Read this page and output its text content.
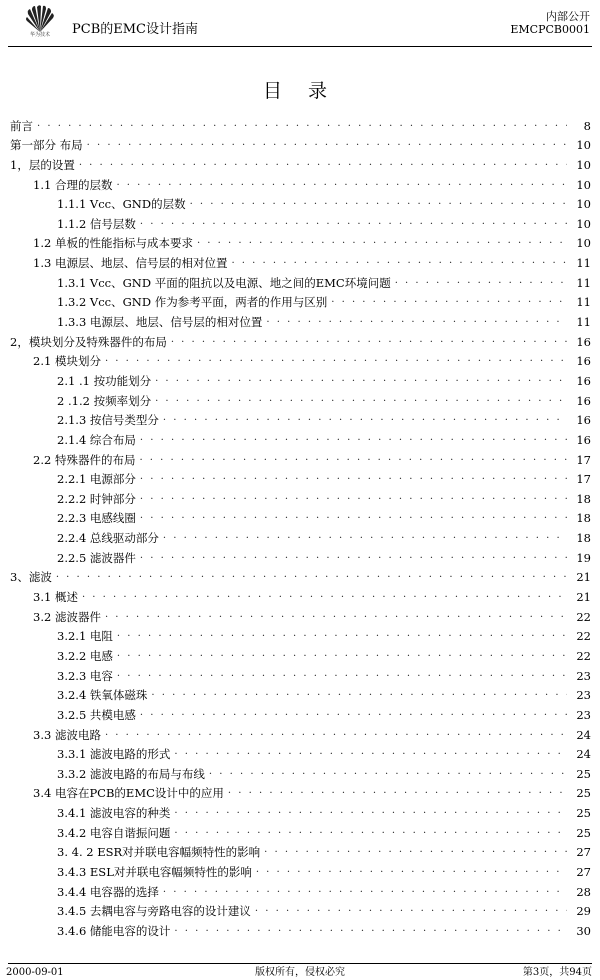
华为技术	PCB的EMC设计指南
内部公开
EMCPCB0001
目 录
前言 . . .	8
第一部分 布局 . . .	10
1，层的设置 . . .	10
1.1 合理的层数 . . .	10
1.1.1 Vcc、GND的层数 . . .	10
1.1.2 信号层数 . . .	10
1.2 单板的性能指标与成本要求 . . .	10
1.3 电源层、地层、信号层的相对位置 . . .	11
1.3.1 Vcc、GND 平面的阻抗以及电源、地之间的EMC环境问题 . . .	11
1.3.2 Vcc、GND 作为参考平面，两者的作用与区别 . . .	11
1.3.3 电源层、地层、信号层的相对位置 . . .	11
2，模块划分及特殊器件的布局 . . .	16
2.1 模块划分 . . .	16
2.1 .1 按功能划分 . . .	16
2 .1.2 按频率划分 . . .	16
2.1.3 按信号类型分 . . .	16
2.1.4 综合布局 . . .	16
2.2 特殊器件的布局 . . .	17
2.2.1 电源部分 . . .	17
2.2.2 时钟部分 . . .	18
2.2.3 电感线圈 . . .	18
2.2.4 总线驱动部分 . . .	18
2.2.5 滤波器件 . . .	19
3、滤波 . . .	21
3.1 概述 . . .	21
3.2 滤波器件 . . .	22
3.2.1 电阻 . . .	22
3.2.2 电感 . . .	22
3.2.3 电容 . . .	23
3.2.4 铁氧体磁珠 . . .	23
3.2.5 共模电感 . . .	23
3.3 滤波电路 . . .	24
3.3.1 滤波电路的形式 . . .	24
3.3.2 滤波电路的布局与布线 . . .	25
3.4 电容在PCB的EMC设计中的应用 . . .	25
3.4.1 滤波电容的种类 . . .	25
3.4.2 电容自谐振问题 . . .	25
3. 4. 2 ESR对并联电容幅频特性的影响 . . .	27
3.4.3 ESL对并联电容幅频特性的影响 . . .	27
3.4.4 电容器的选择 . . .	28
3.4.5 去耦电容与旁路电容的设计建议 . . .	29
3.4.6 储能电容的设计 . . .	30
2000-09-01	版权所有，侵权必究	第3页，共94页
